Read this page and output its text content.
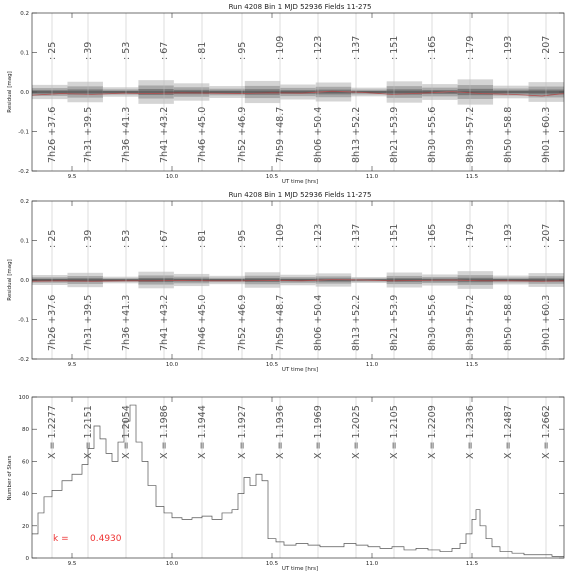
Run 4208 Bin 1 MJD 52936 Fields 11-275
: 25	: 39	: 53	: 67	: 81	: 95	: 109	: 123	: 137	: 151	: 165	: 179	: 193	: 207
7h26 +37.6	7h31 +39.5	7h36 +41.3	7h41 +43.2	7h46 +45.0	7h52 +46.9	7h59 +48.7	8h06 +50.4	8h13 +52.2	8h21 +53.9	8h30 +55.6	8h39 +57.2	8h50 +58.8	9h01 +60.3
9.5	10.0	10.5	11.0	11.5
-0.2
-0.1
0.0
0.1
0.2
UT time [hrs]
Residual [mag]
Run 4208 Bin 1 MJD 52936 Fields 11-275
: 25	: 39	: 53	: 67	: 81	: 95	: 109	: 123	: 137	: 151	: 165	: 179	: 193	: 207
7h26 +37.6	7h31 +39.5	7h36 +41.3	7h41 +43.2	7h46 +45.0	7h52 +46.9	7h59 +48.7	8h06 +50.4	8h13 +52.2	8h21 +53.9	8h30 +55.6	8h39 +57.2	8h50 +58.8	9h01 +60.3
9.5	10.0	10.5	11.0	11.5
-0.2
-0.1
0.0
0.1
0.2
UT time [hrs]
Residual [mag]
X = 1.2277	X = 1.2151	X = 1.2054	X = 1.1986	X = 1.1944	X = 1.1927	X = 1.1936	X = 1.1969	X = 1.2025	X = 1.2105	X = 1.2209	X = 1.2336	X = 1.2487	X = 1.2662
9.5	10.0	10.5	11.0	11.5
0
20
40
60
80
100
k = 0.4930
UT time [hrs]
Number of Stars
